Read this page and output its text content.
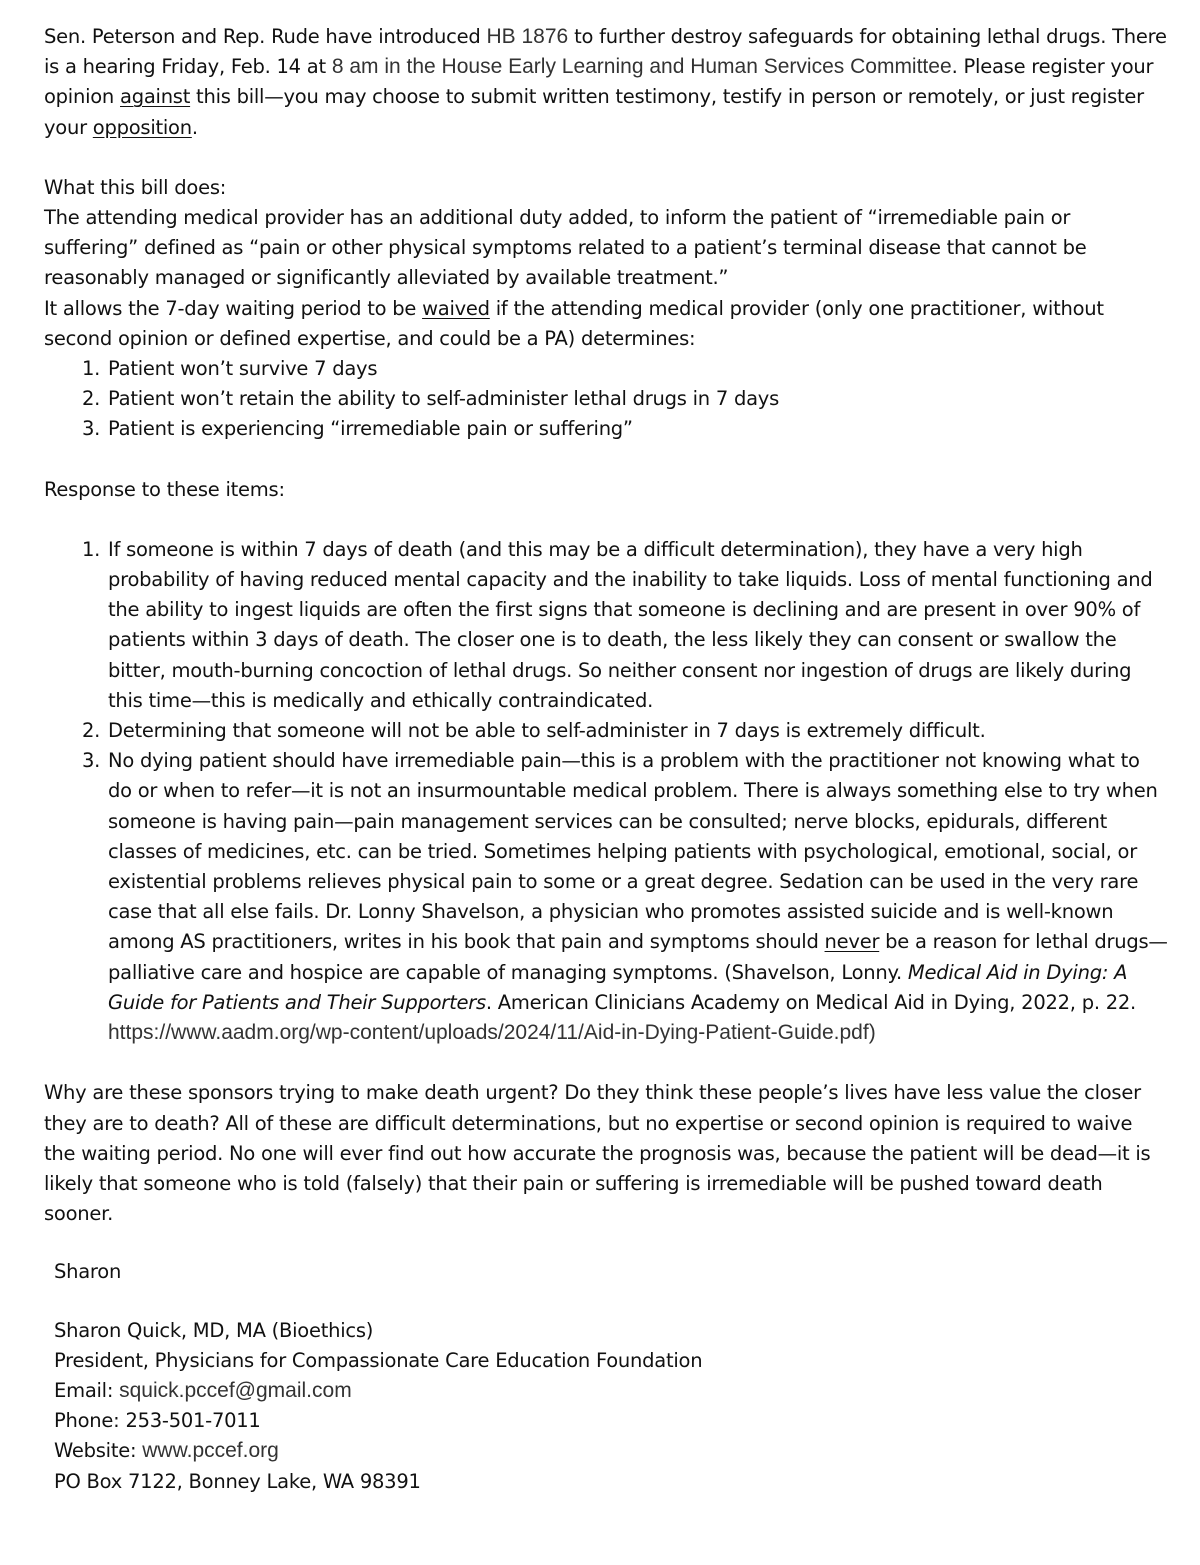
Sen. Peterson and Rep. Rude have introduced HB 1876 to further destroy safeguards for obtaining lethal drugs. There is a hearing Friday, Feb. 14 at 8 am in the House Early Learning and Human Services Committee. Please register your opinion against this bill—you may choose to submit written testimony, testify in person or remotely, or just register your opposition.

What this bill does:

The attending medical provider has an additional duty added, to inform the patient of “irremediable pain or suffering” defined as “pain or other physical symptoms related to a patient’s terminal disease that cannot be reasonably managed or significantly alleviated by available treatment.”

It allows the 7-day waiting period to be waived if the attending medical provider (only one practitioner, without second opinion or defined expertise, and could be a PA) determines:

1. Patient won’t survive 7 days
2. Patient won’t retain the ability to self-administer lethal drugs in 7 days
3. Patient is experiencing “irremediable pain or suffering”

Response to these items:

1. If someone is within 7 days of death (and this may be a difficult determination), they have a very high probability of having reduced mental capacity and the inability to take liquids. Loss of mental functioning and the ability to ingest liquids are often the first signs that someone is declining and are present in over 90% of patients within 3 days of death. The closer one is to death, the less likely they can consent or swallow the bitter, mouth-burning concoction of lethal drugs. So neither consent nor ingestion of drugs are likely during this time—this is medically and ethically contraindicated.
2. Determining that someone will not be able to self-administer in 7 days is extremely difficult.
3. No dying patient should have irremediable pain—this is a problem with the practitioner not knowing what to do or when to refer—it is not an insurmountable medical problem. There is always something else to try when someone is having pain—pain management services can be consulted; nerve blocks, epidurals, different classes of medicines, etc. can be tried. Sometimes helping patients with psychological, emotional, social, or existential problems relieves physical pain to some or a great degree. Sedation can be used in the very rare case that all else fails. Dr. Lonny Shavelson, a physician who promotes assisted suicide and is well-known among AS practitioners, writes in his book that pain and symptoms should never be a reason for lethal drugs—palliative care and hospice are capable of managing symptoms. (Shavelson, Lonny. Medical Aid in Dying: A Guide for Patients and Their Supporters. American Clinicians Academy on Medical Aid in Dying, 2022, p. 22. https://www.aadm.org/wp-content/uploads/2024/11/Aid-in-Dying-Patient-Guide.pdf)

Why are these sponsors trying to make death urgent? Do they think these people’s lives have less value the closer they are to death? All of these are difficult determinations, but no expertise or second opinion is required to waive the waiting period. No one will ever find out how accurate the prognosis was, because the patient will be dead—it is likely that someone who is told (falsely) that their pain or suffering is irremediable will be pushed toward death sooner.

Sharon

Sharon Quick, MD, MA (Bioethics)

President, Physicians for Compassionate Care Education Foundation

Email: squick.pccef@gmail.com

Phone: 253-501-7011

Website: www.pccef.org

PO Box 7122, Bonney Lake, WA 98391
